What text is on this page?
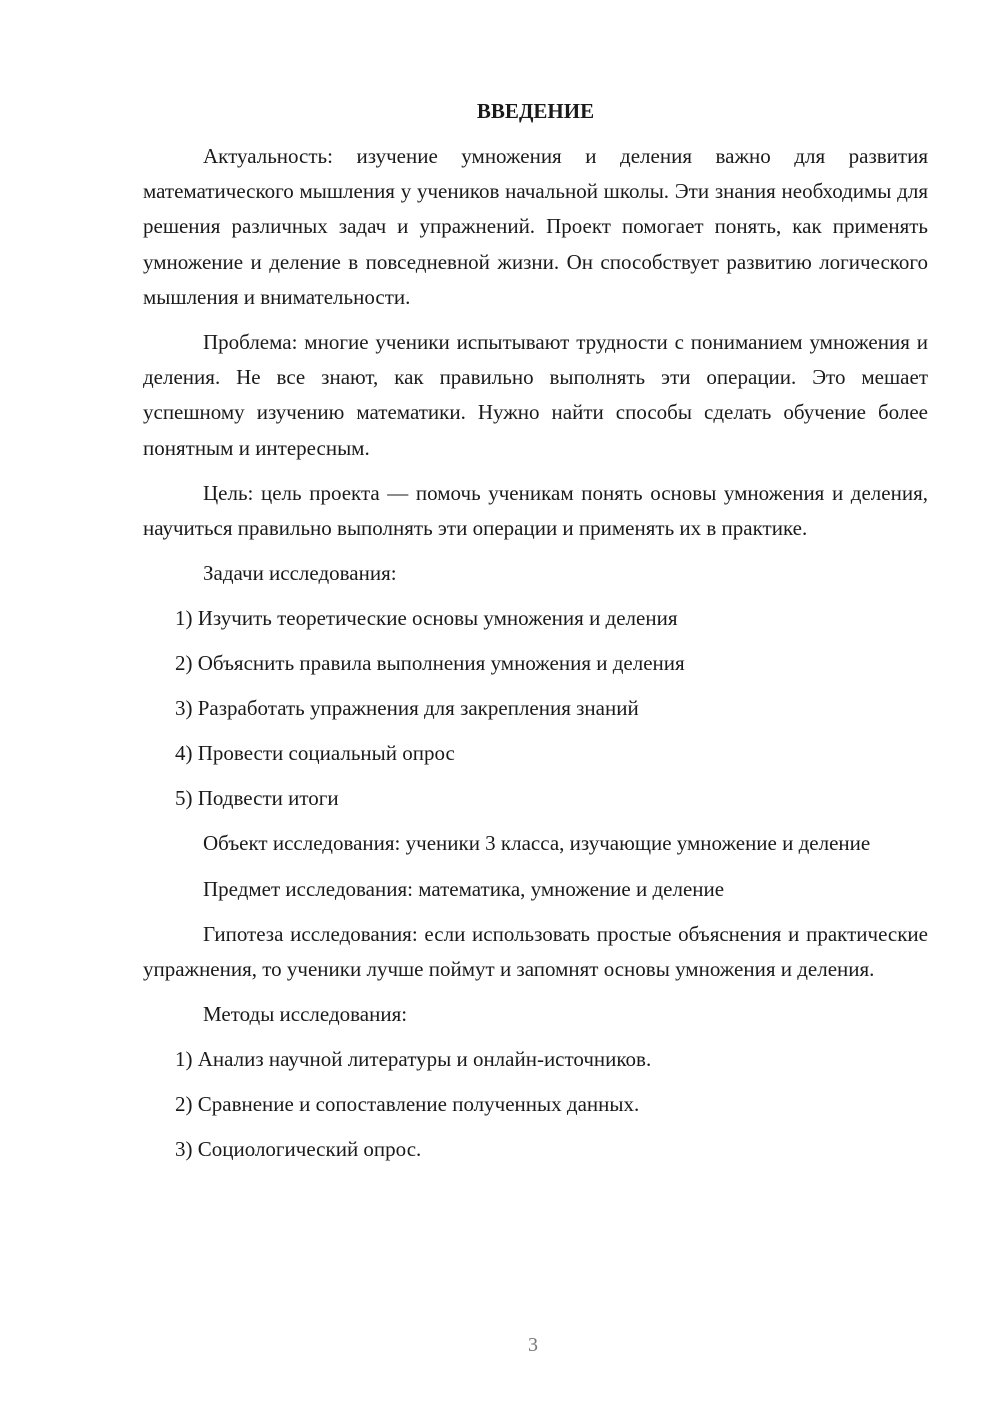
ВВЕДЕНИЕ
Актуальность: изучение умножения и деления важно для развития математического мышления у учеников начальной школы. Эти знания необходимы для решения различных задач и упражнений. Проект помогает понять, как применять умножение и деление в повседневной жизни. Он способствует развитию логического мышления и внимательности.
Проблема: многие ученики испытывают трудности с пониманием умножения и деления. Не все знают, как правильно выполнять эти операции. Это мешает успешному изучению математики. Нужно найти способы сделать обучение более понятным и интересным.
Цель: цель проекта — помочь ученикам понять основы умножения и деления, научиться правильно выполнять эти операции и применять их в практике.
Задачи исследования:
1) Изучить теоретические основы умножения и деления
2) Объяснить правила выполнения умножения и деления
3) Разработать упражнения для закрепления знаний
4) Провести социальный опрос
5) Подвести итоги
Объект исследования: ученики 3 класса, изучающие умножение и деление
Предмет исследования: математика, умножение и деление
Гипотеза исследования: если использовать простые объяснения и практические упражнения, то ученики лучше поймут и запомнят основы умножения и деления.
Методы исследования:
1) Анализ научной литературы и онлайн-источников.
2) Сравнение и сопоставление полученных данных.
3) Социологический опрос.
3
